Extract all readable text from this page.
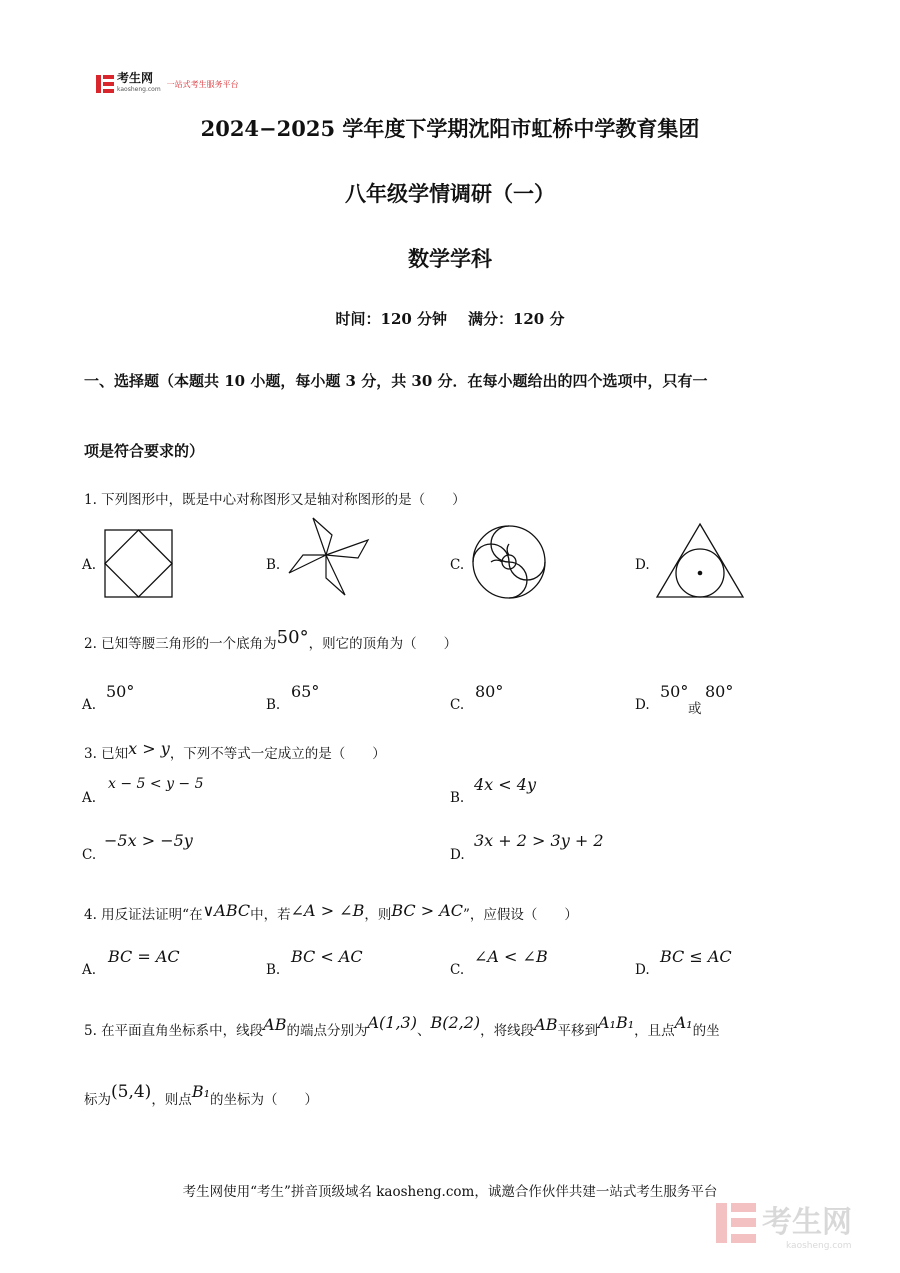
考生网
kaosheng.com
一站式考生服务平台
2024−2025 学年度下学期沈阳市虹桥中学教育集团
八年级学情调研（一）
数学学科
时间：120 分钟    满分：120 分
一、选择题（本题共 10 小题，每小题 3 分，共 30 分．在每小题给出的四个选项中，只有一
项是符合要求的）
1. 下列图形中，既是中心对称图形又是轴对称图形的是（　　）
A.	B.	C.	D.
2. 已知等腰三角形的一个底角为50°，则它的顶角为（　　）
A.
50°
B.
65°
C.
80°
D.
50°
或
80°
3. 已知x > y，下列不等式一定成立的是（　　）
A.
x − 5 < y − 5
B.
4x < 4y
C.
−5x > −5y
D.
3x + 2 > 3y + 2
4. 用反证法证明“在∨ABC中，若∠A > ∠B，则BC > AC”，应假设（　　）
A.
BC = AC
B.
BC < AC
C.
∠A < ∠B
D.
BC ≤ AC
5. 在平面直角坐标系中，线段AB的端点分别为A(1,3)、B(2,2)，将线段AB平移到A₁B₁，且点A₁的坐
标为(5,4)，则点B₁的坐标为（　　）
考生网使用“考生”拼音顶级域名 kaosheng.com，诚邀合作伙伴共建一站式考生服务平台
考生网
kaosheng.com
